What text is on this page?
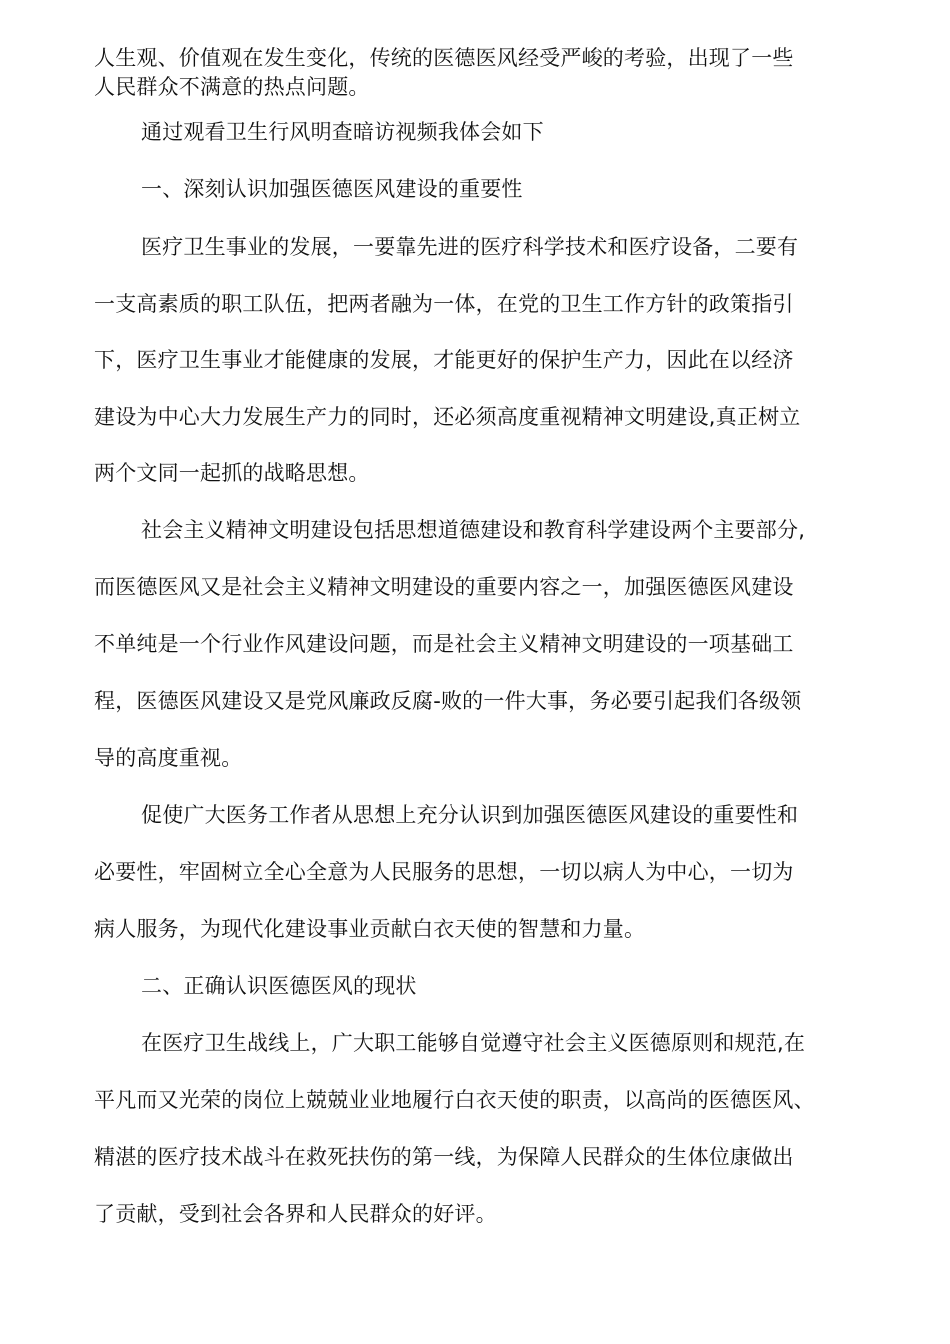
人生观、价值观在发生变化，传统的医德医风经受严峻的考验，出现了一些
人民群众不满意的热点问题。
通过观看卫生行风明查暗访视频我体会如下
一、深刻认识加强医德医风建设的重要性
医疗卫生事业的发展，一要靠先进的医疗科学技术和医疗设备，二要有
一支高素质的职工队伍，把两者融为一体，在党的卫生工作方针的政策指引
下，医疗卫生事业才能健康的发展，才能更好的保护生产力，因此在以经济
建设为中心大力发展生产力的同时，还必须高度重视精神文明建设,真正树立
两个文同一起抓的战略思想。
社会主义精神文明建设包括思想道德建设和教育科学建设两个主要部分,
而医德医风又是社会主义精神文明建设的重要内容之一，加强医德医风建设
不单纯是一个行业作风建设问题，而是社会主义精神文明建设的一项基础工
程，医德医风建设又是党风廉政反腐-败的一件大事，务必要引起我们各级领
导的高度重视。
促使广大医务工作者从思想上充分认识到加强医德医风建设的重要性和
必要性，牢固树立全心全意为人民服务的思想，一切以病人为中心，一切为
病人服务，为现代化建设事业贡献白衣天使的智慧和力量。
二、正确认识医德医风的现状
在医疗卫生战线上，广大职工能够自觉遵守社会主义医德原则和规范,在
平凡而又光荣的岗位上兢兢业业地履行白衣天使的职责，以高尚的医德医风、
精湛的医疗技术战斗在救死扶伤的第一线，为保障人民群众的生体位康做出
了贡献，受到社会各界和人民群众的好评。
